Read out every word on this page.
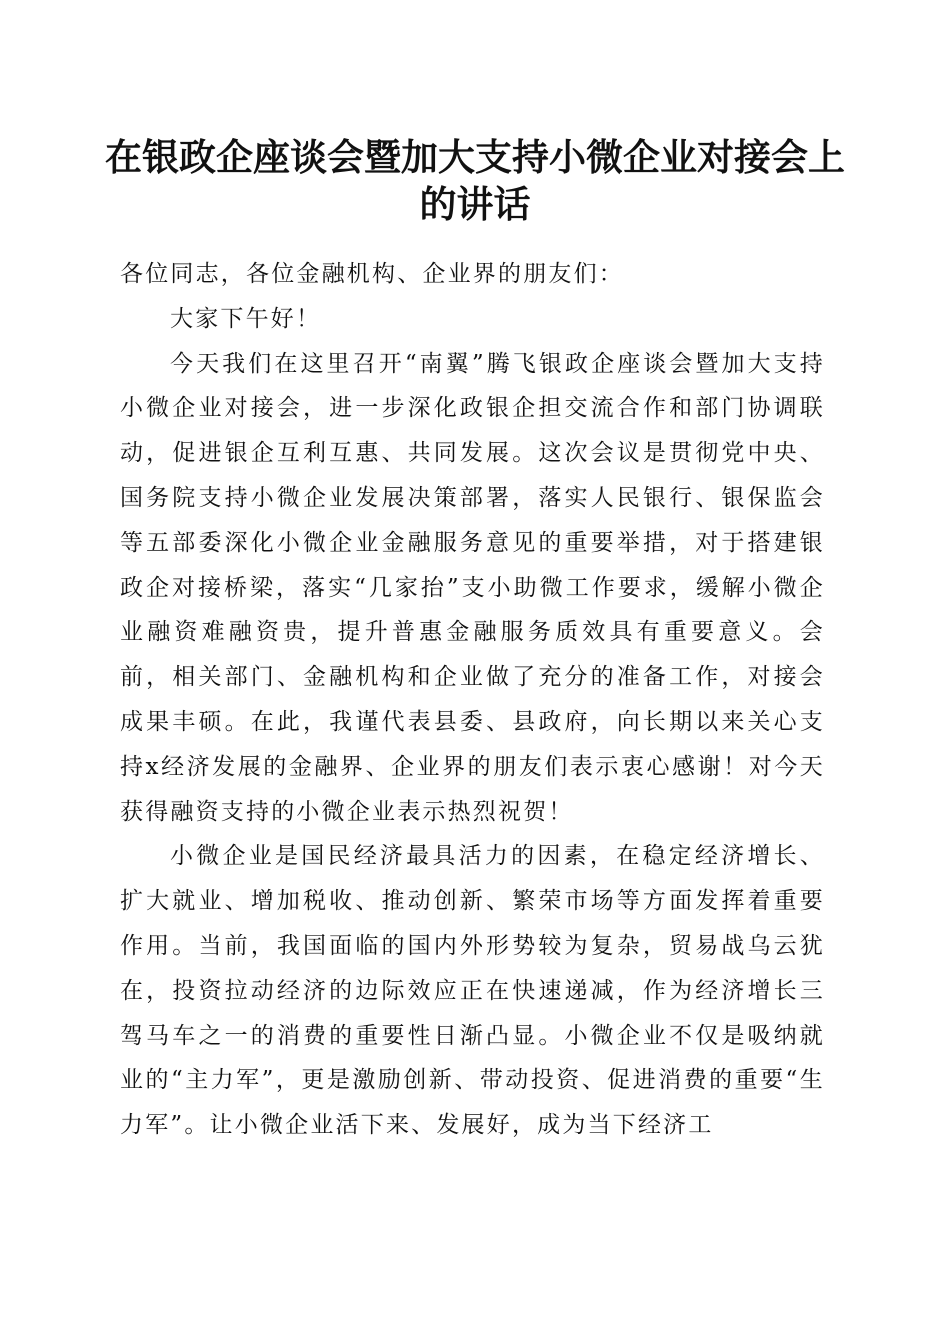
在银政企座谈会暨加大支持小微企业对接会上
的讲话

各位同志，各位金融机构、企业界的朋友们：

大家下午好！

今天我们在这里召开“南翼”腾飞银政企座谈会暨加大支持小微企业对接会，进一步深化政银企担交流合作和部门协调联动，促进银企互利互惠、共同发展。这次会议是贯彻党中央、国务院支持小微企业发展决策部署，落实人民银行、银保监会等五部委深化小微企业金融服务意见的重要举措，对于搭建银政企对接桥梁，落实“几家抬”支小助微工作要求，缓解小微企业融资难融资贵，提升普惠金融服务质效具有重要意义。会前，相关部门、金融机构和企业做了充分的准备工作，对接会成果丰硕。在此，我谨代表县委、县政府，向长期以来关心支持x经济发展的金融界、企业界的朋友们表示衷心感谢！对今天获得融资支持的小微企业表示热烈祝贺！

小微企业是国民经济最具活力的因素，在稳定经济增长、扩大就业、增加税收、推动创新、繁荣市场等方面发挥着重要作用。当前，我国面临的国内外形势较为复杂，贸易战乌云犹在，投资拉动经济的边际效应正在快速递减，作为经济增长三驾马车之一的消费的重要性日渐凸显。小微企业不仅是吸纳就业的“主力军”，更是激励创新、带动投资、促进消费的重要“生力军”。让小微企业活下来、发展好，成为当下经济工
